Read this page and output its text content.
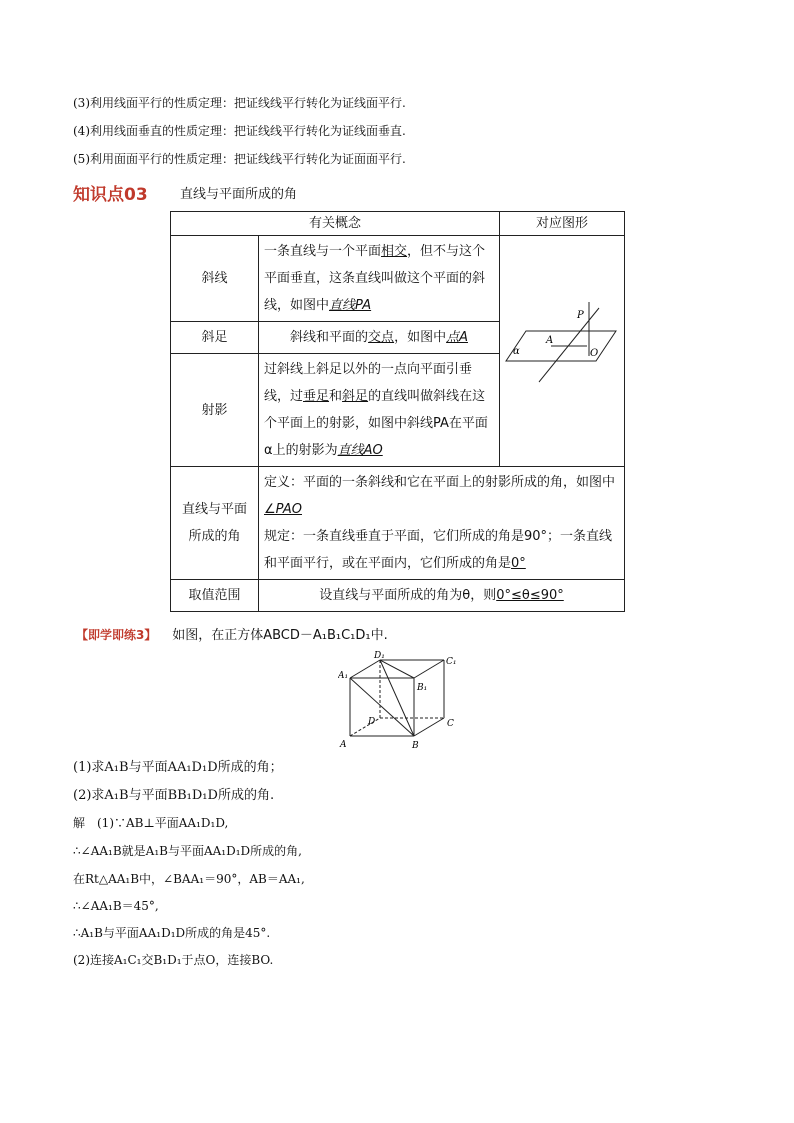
(3)利用线面平行的性质定理：把证线线平行转化为证线面平行.
(4)利用线面垂直的性质定理：把证线线平行转化为证线面垂直.
(5)利用面面平行的性质定理：把证线线平行转化为证面面平行.
知识点03 直线与平面所成的角
有关概念		对应图形
斜线	一条直线与一个平面相交，但不与这个平面垂直，这条直线叫做这个平面的斜线，如图中直线PA	P
A
O
α

斜足	斜线和平面的交点，如图中点A	
射影	过斜线上斜足以外的一点向平面引垂线，过垂足和斜足的直线叫做斜线在这个平面上的射影，如图中斜线PA在平面α上的射影为直线AO	
直线与平面所成的角	定义：平面的一条斜线和它在平面上的射影所成的角，如图中∠PAO
规定：一条直线垂直于平面，它们所成的角是90°；一条直线和平面平行，或在平面内，它们所成的角是0°	
取值范围	设直线与平面所成的角为θ，则0°≤θ≤90°	
【即学即练3】 如图，在正方体ABCD－A₁B₁C₁D₁中.
A	B
C
D
A₁
B₁
C₁
D₁
(1)求A₁B与平面AA₁D₁D所成的角；
(2)求A₁B与平面BB₁D₁D所成的角.
解　(1)∵AB⊥平面AA₁D₁D,
∴∠AA₁B就是A₁B与平面AA₁D₁D所成的角,
在Rt△AA₁B中，∠BAA₁＝90°，AB＝AA₁,
∴∠AA₁B＝45°,
∴A₁B与平面AA₁D₁D所成的角是45°.
(2)连接A₁C₁交B₁D₁于点O，连接BO.
